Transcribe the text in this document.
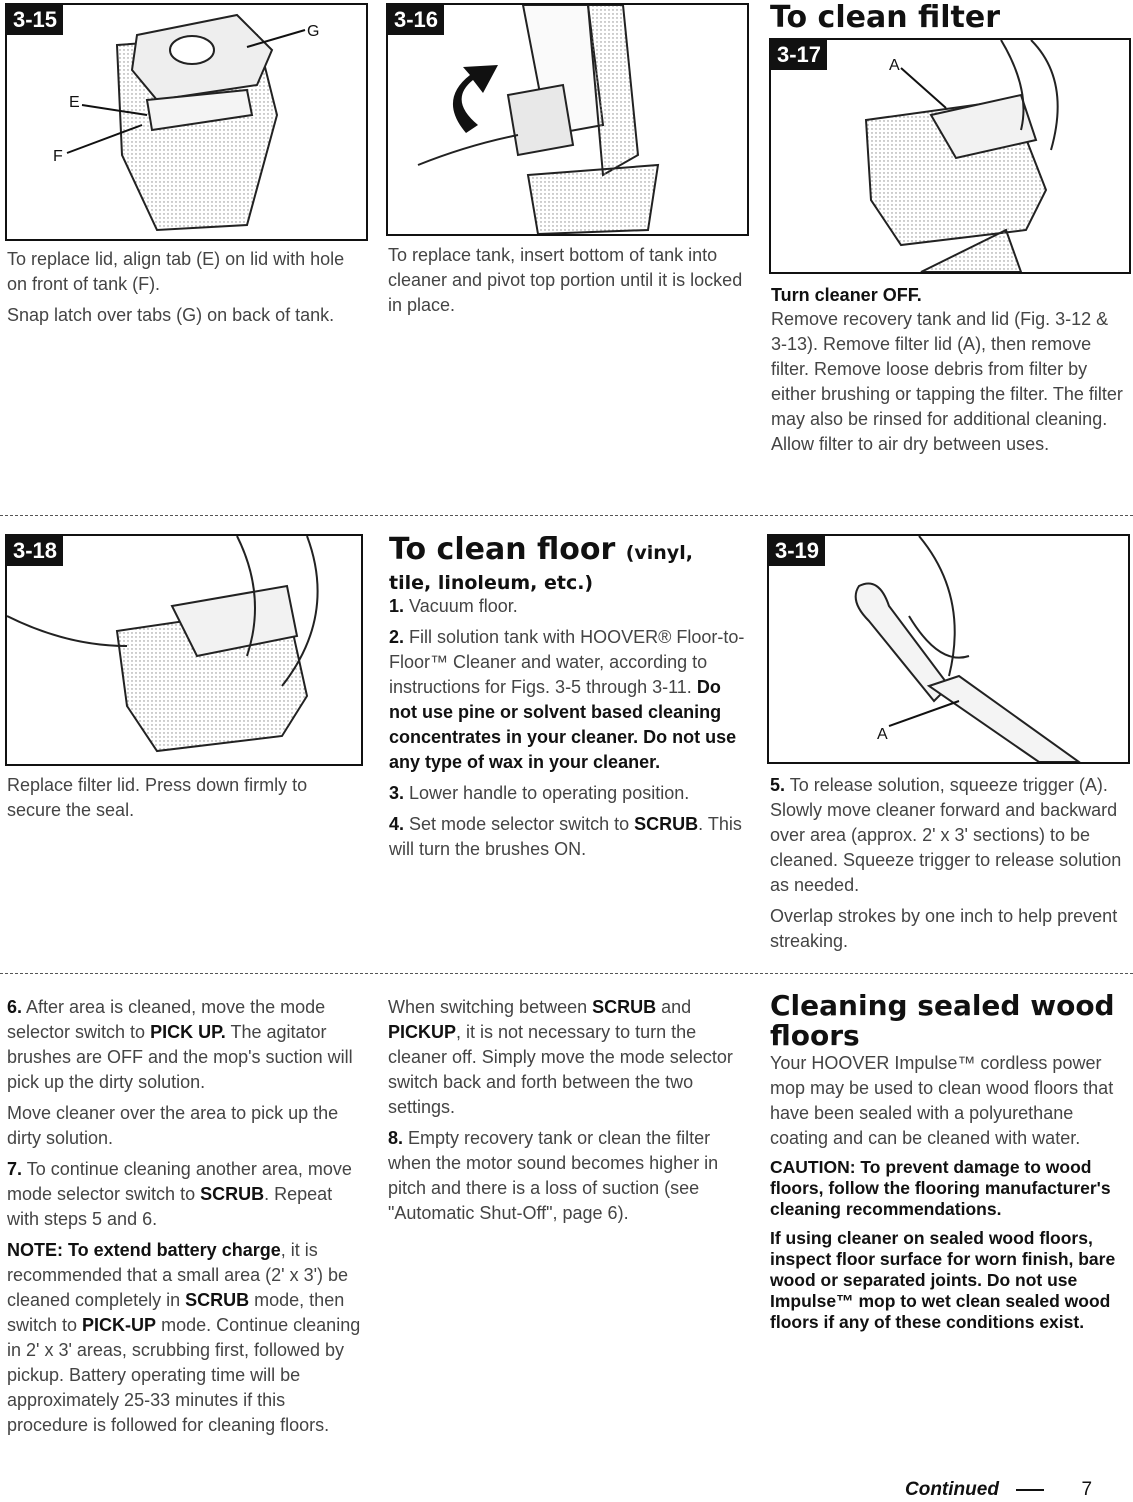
G
E
F
3-15	3-16

To replace lid, align tab (E) on lid with hole on front of tank (F).

Snap latch over tabs (G) on back of tank.

To replace tank, insert bottom of tank into cleaner and pivot top portion until it is locked in place.

To clean filter
A
3-17
Turn cleaner OFF.
Remove recovery tank and lid (Fig. 3-12 & 3-13). Remove filter lid (A), then remove filter. Remove loose debris from filter by either brushing or tapping the filter. The filter may also be rinsed for additional cleaning. Allow filter to air dry between uses.
3-18

Replace filter lid. Press down firmly to secure the seal.

To clean floor (vinyl,
tile, linoleum, etc.)

1. Vacuum floor.

2. Fill solution tank with HOOVER® Floor-to-Floor™ Cleaner and water, according to instructions for Figs. 3-5 through 3-11. Do not use pine or solvent based cleaning concentrates in your cleaner. Do not use any type of wax in your cleaner.

3. Lower handle to operating position.

4. Set mode selector switch to SCRUB. This will turn the brushes ON.

A
3-19

5. To release solution, squeeze trigger (A). Slowly move cleaner forward and backward over area (approx. 2' x 3' sections) to be cleaned. Squeeze trigger to release solution as needed.

Overlap strokes by one inch to help prevent streaking.

6. After area is cleaned, move the mode selector switch to PICK UP. The agitator brushes are OFF and the mop's suction will pick up the dirty solution.

Move cleaner over the area to pick up the dirty solution.

7. To continue cleaning another area, move mode selector switch to SCRUB. Repeat with steps 5 and 6.

NOTE: To extend battery charge, it is recommended that a small area (2' x 3') be cleaned completely in SCRUB mode, then switch to PICK-UP mode. Continue cleaning in 2' x 3' areas, scrubbing first, followed by pickup. Battery operating time will be approximately 25-33 minutes if this procedure is followed for cleaning floors.

When switching between SCRUB and PICKUP, it is not necessary to turn the cleaner off. Simply move the mode selector switch back and forth between the two settings.

8. Empty recovery tank or clean the filter when the motor sound becomes higher in pitch and there is a loss of suction (see "Automatic Shut-Off", page 6).

Cleaning sealed wood floors

Your HOOVER Impulse™ cordless power mop may be used to clean wood floors that have been sealed with a polyurethane coating and can be cleaned with water.

CAUTION: To prevent damage to wood floors, follow the flooring manufacturer's cleaning recommendations.
If using cleaner on sealed wood floors, inspect floor surface for worn finish, bare wood or separated joints. Do not use Impulse™ mop to wet clean sealed wood floors if any of these conditions exist.
Continued	7
